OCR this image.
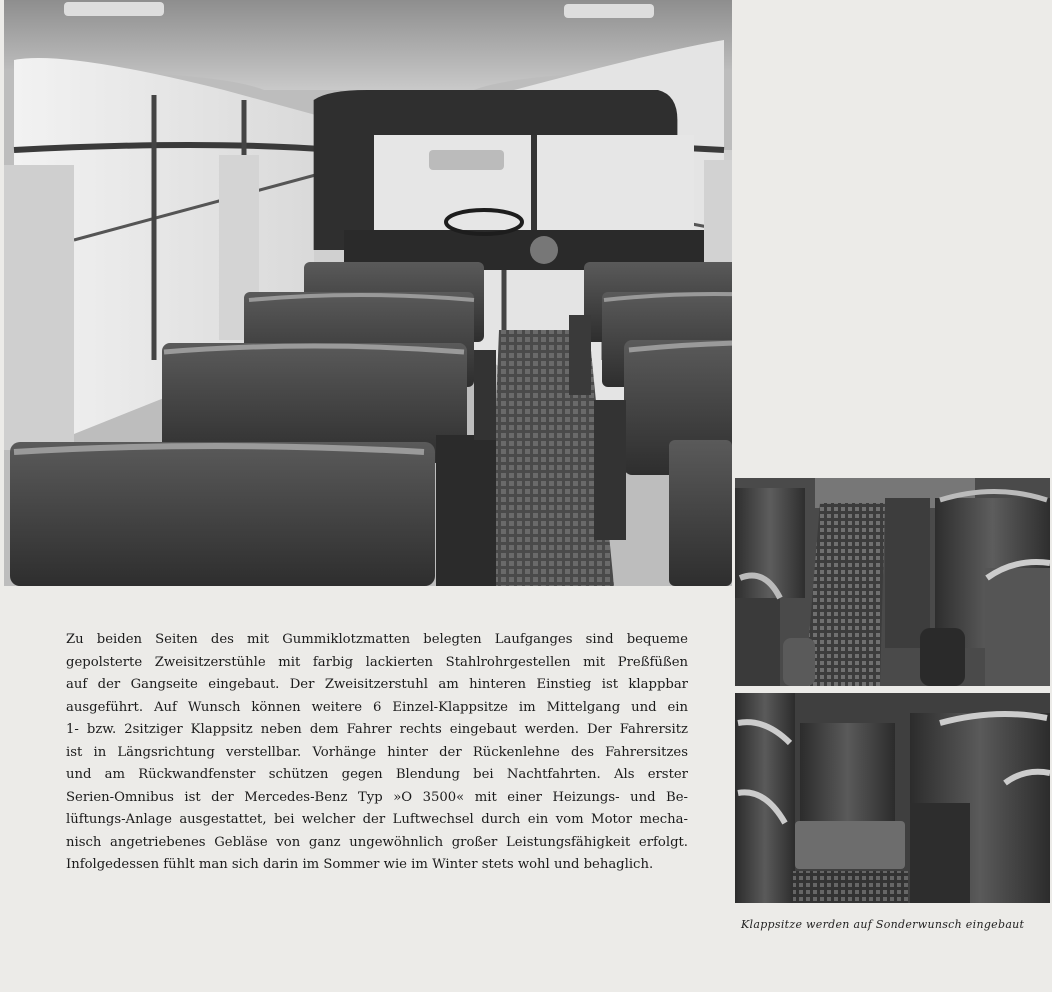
Zu beiden Seiten des mit Gummiklotzmatten belegten Laufganges sind bequeme
gepolsterte Zweisitzerstühle mit farbig lackierten Stahlrohrgestellen mit Preßfüßen
auf der Gangseite eingebaut. Der Zweisitzerstuhl am hinteren Einstieg ist klappbar
ausgeführt. Auf Wunsch können weitere 6 Einzel-Klappsitze im Mittelgang und ein
1- bzw. 2sitziger Klappsitz neben dem Fahrer rechts eingebaut werden. Der Fahrersitz
ist in Längsrichtung verstellbar. Vorhänge hinter der Rückenlehne des Fahrersitzes
und am Rückwandfenster schützen gegen Blendung bei Nachtfahrten. Als erster
Serien-Omnibus ist der Mercedes-Benz Typ »O 3500« mit einer Heizungs- und Be-
lüftungs-Anlage ausgestattet, bei welcher der Luftwechsel durch ein vom Motor mecha-
nisch angetriebenes Gebläse von ganz ungewöhnlich großer Leistungsfähigkeit erfolgt.
Infolgedessen fühlt man sich darin im Sommer wie im Winter stets wohl und behaglich.
Klappsitze werden auf Sonderwunsch eingebaut
